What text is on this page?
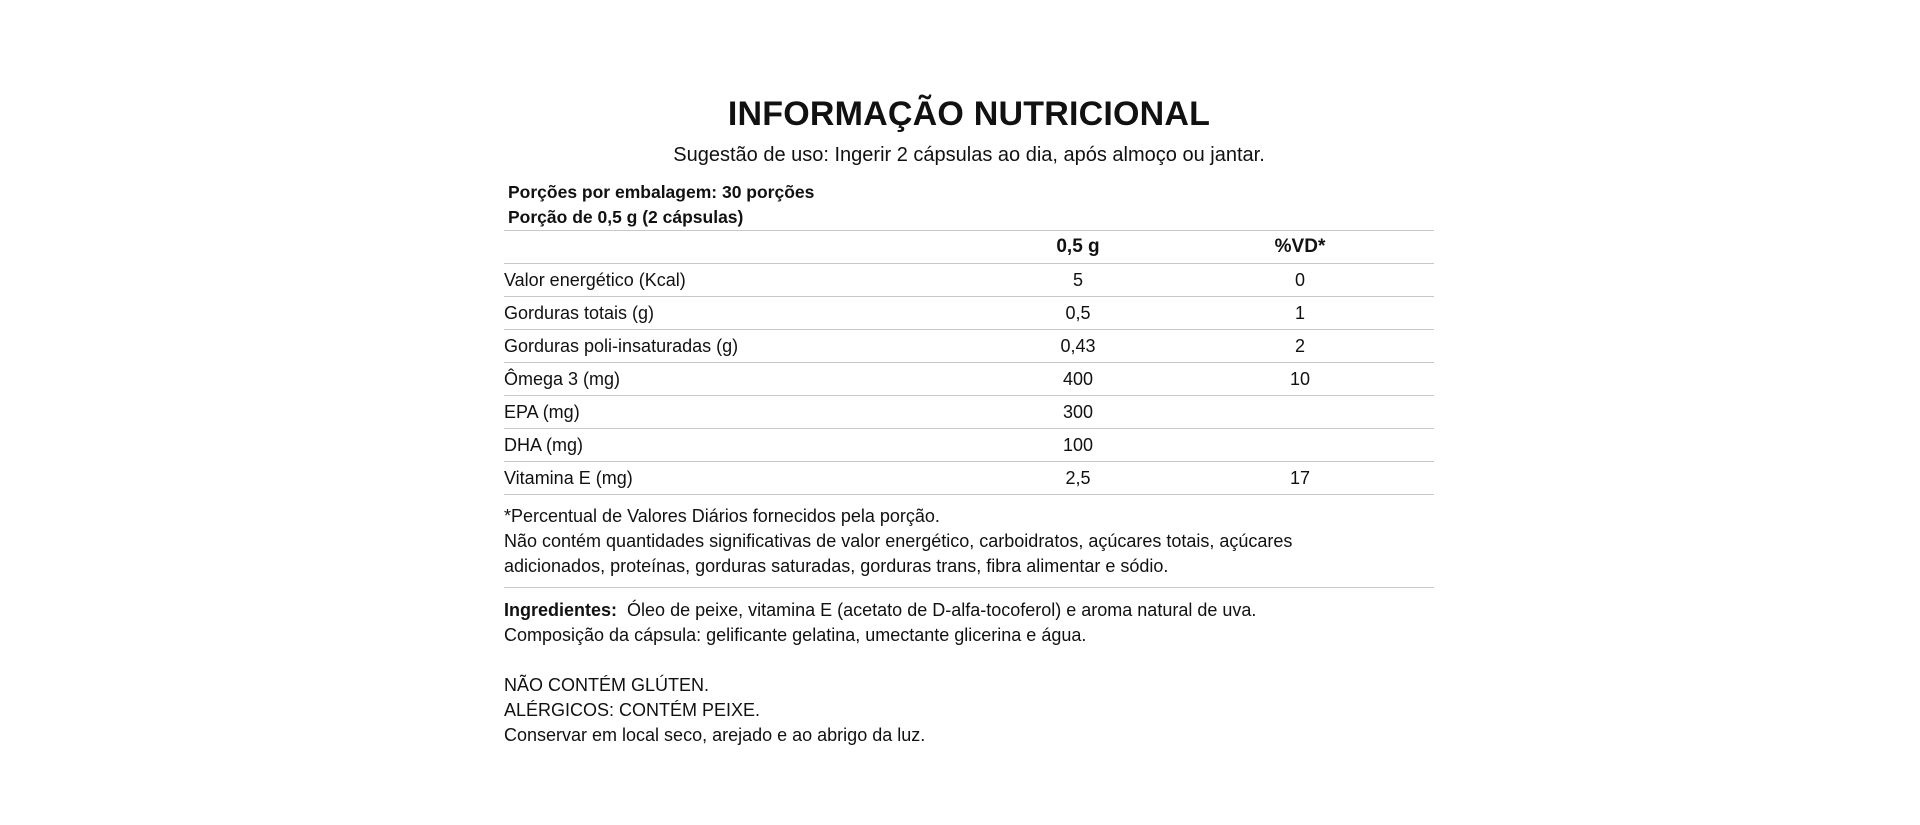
INFORMAÇÃO NUTRICIONAL
Sugestão de uso: Ingerir 2 cápsulas ao dia, após almoço ou jantar.
Porções por embalagem: 30 porções
Porção de 0,5 g (2 cápsulas)
	0,5 g	%VD*
Valor energético (Kcal)	5	0
Gorduras totais (g)	0,5	1
Gorduras poli-insaturadas (g)	0,43	2
Ômega 3 (mg)	400	10
EPA (mg)	300	
DHA (mg)	100	
Vitamina E (mg)	2,5	17
*Percentual de Valores Diários fornecidos pela porção.
Não contém quantidades significativas de valor energético, carboidratos, açúcares totais, açúcares
adicionados, proteínas, gorduras saturadas, gorduras trans, fibra alimentar e sódio.
Ingredientes: Óleo de peixe, vitamina E (acetato de D-alfa-tocoferol) e aroma natural de uva.
Composição da cápsula: gelificante gelatina, umectante glicerina e água.
NÃO CONTÉM GLÚTEN.
ALÉRGICOS: CONTÉM PEIXE.
Conservar em local seco, arejado e ao abrigo da luz.
